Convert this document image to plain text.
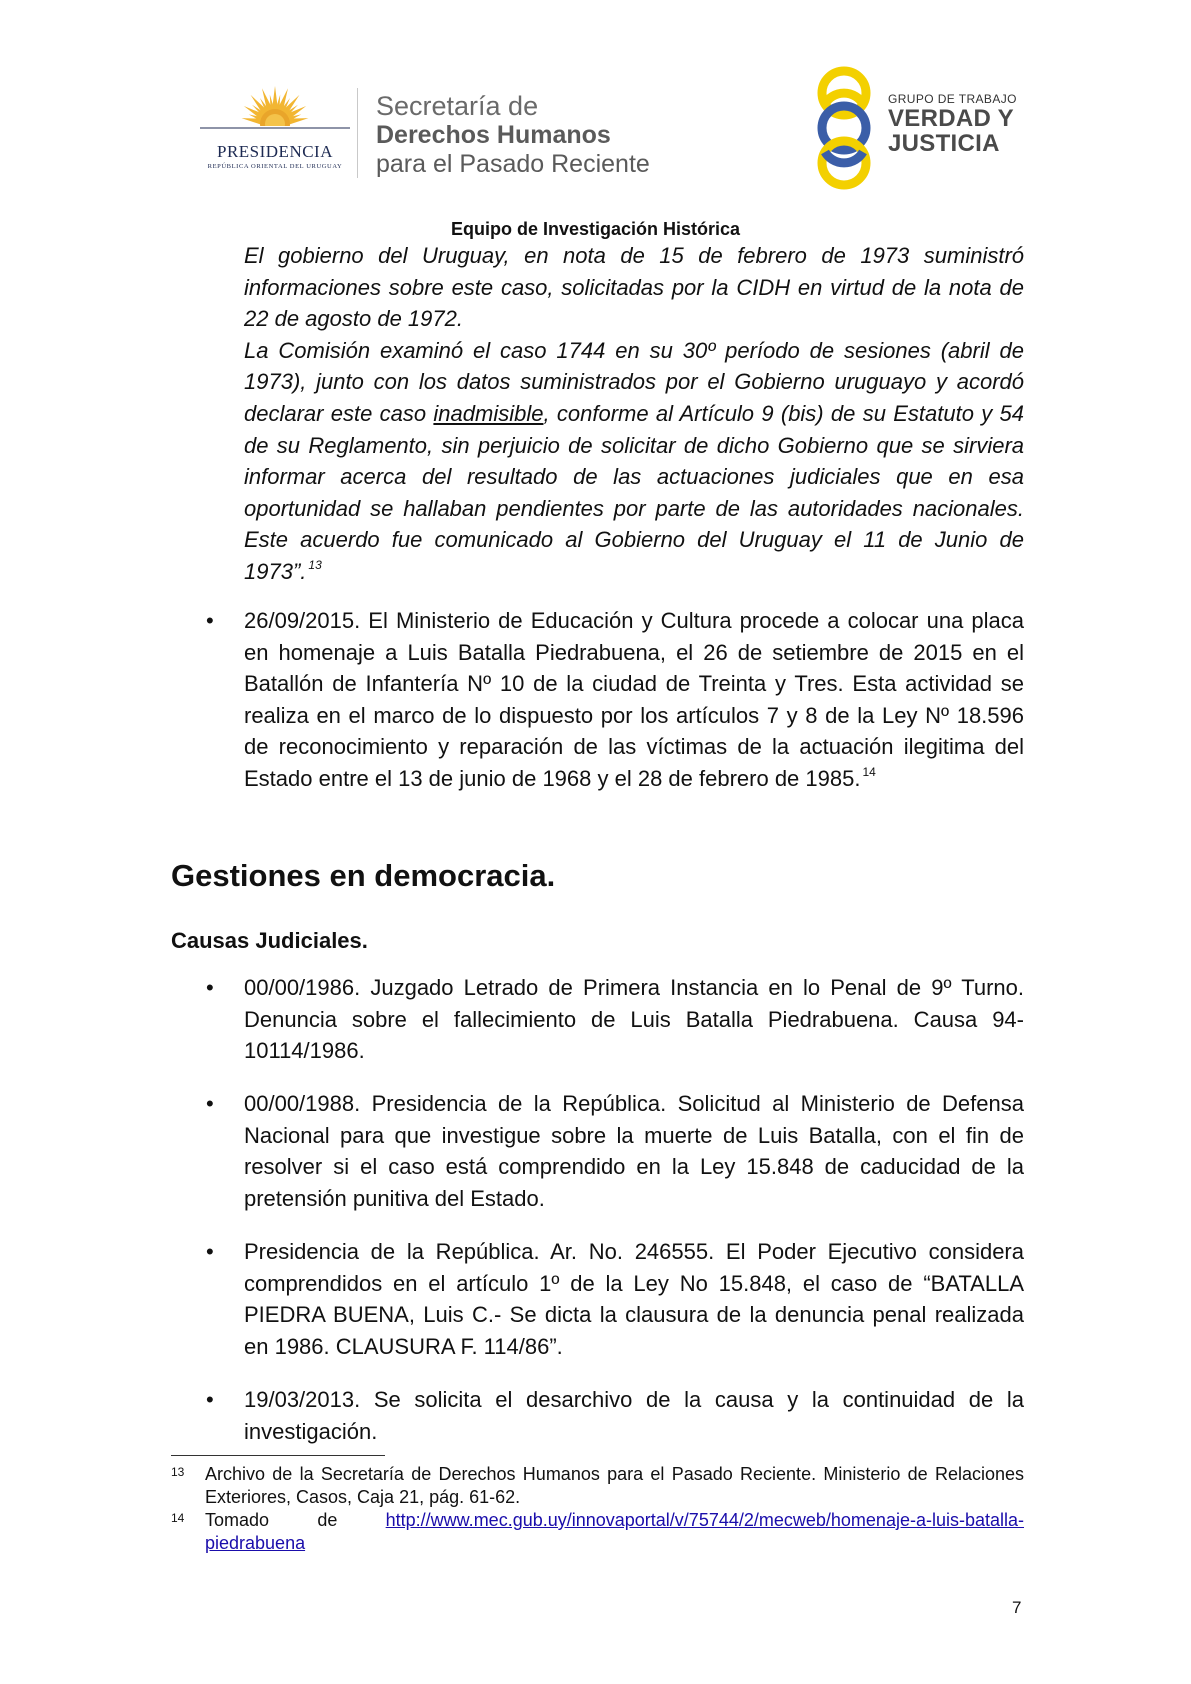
PRESIDENCIA
REPÚBLICA ORIENTAL DEL URUGUAY
Secretaría de
Derechos Humanos
para el Pasado Reciente
GRUPO DE TRABAJO
VERDAD Y
JUSTICIA
Equipo de Investigación Histórica

El gobierno del Uruguay, en nota de 15 de febrero de 1973 suministró informaciones sobre este caso, solicitadas por la CIDH en virtud de la nota de 22 de agosto de 1972.

La Comisión examinó el caso 1744 en su 30º período de sesiones (abril de 1973), junto con los datos suministrados por el Gobierno uruguayo y acordó declarar este caso inadmisible, conforme al Artículo 9 (bis) de su Estatuto y 54 de su Reglamento, sin perjuicio de solicitar de dicho Gobierno que se sirviera informar acerca del resultado de las actuaciones judiciales que en esa oportunidad se hallaban pendientes por parte de las autoridades nacionales. Este acuerdo fue comunicado al Gobierno del Uruguay el 11 de Junio de 1973”. $^{13}$

• 26/09/2015. El Ministerio de Educación y Cultura procede a colocar una placa en homenaje a Luis Batalla Piedrabuena, el 26 de setiembre de 2015 en el Batallón de Infantería Nº 10 de la ciudad de Treinta y Tres. Esta actividad se realiza en el marco de lo dispuesto por los artículos 7 y 8 de la Ley Nº 18.596 de reconocimiento y reparación de las víctimas de la actuación ilegitima del Estado entre el 13 de junio de 1968 y el 28 de febrero de 1985. $^{14}$
Gestiones en democracia.
Causas Judiciales.
• 00/00/1986. Juzgado Letrado de Primera Instancia en lo Penal de 9º Turno. Denuncia sobre el fallecimiento de Luis Batalla Piedrabuena. Causa 94-10114/1986.
• 00/00/1988. Presidencia de la República. Solicitud al Ministerio de Defensa Nacional para que investigue sobre la muerte de Luis Batalla, con el fin de resolver si el caso está comprendido en la Ley 15.848 de caducidad de la pretensión punitiva del Estado.
• Presidencia de la República. Ar. No. 246555. El Poder Ejecutivo considera comprendidos en el artículo 1º de la Ley No 15.848, el caso de “BATALLA PIEDRA BUENA, Luis C.- Se dicta la clausura de la denuncia penal realizada en 1986. CLAUSURA F. 114/86”.
• 19/03/2013. Se solicita el desarchivo de la causa y la continuidad de la investigación.
13 Archivo de la Secretaría de Derechos Humanos para el Pasado Reciente. Ministerio de Relaciones Exteriores, Casos, Caja 21, pág. 61-62.
14 Tomado de http://www.mec.gub.uy/innovaportal/v/75744/2/mecweb/homenaje-a-luis-batalla-piedrabuena
7
